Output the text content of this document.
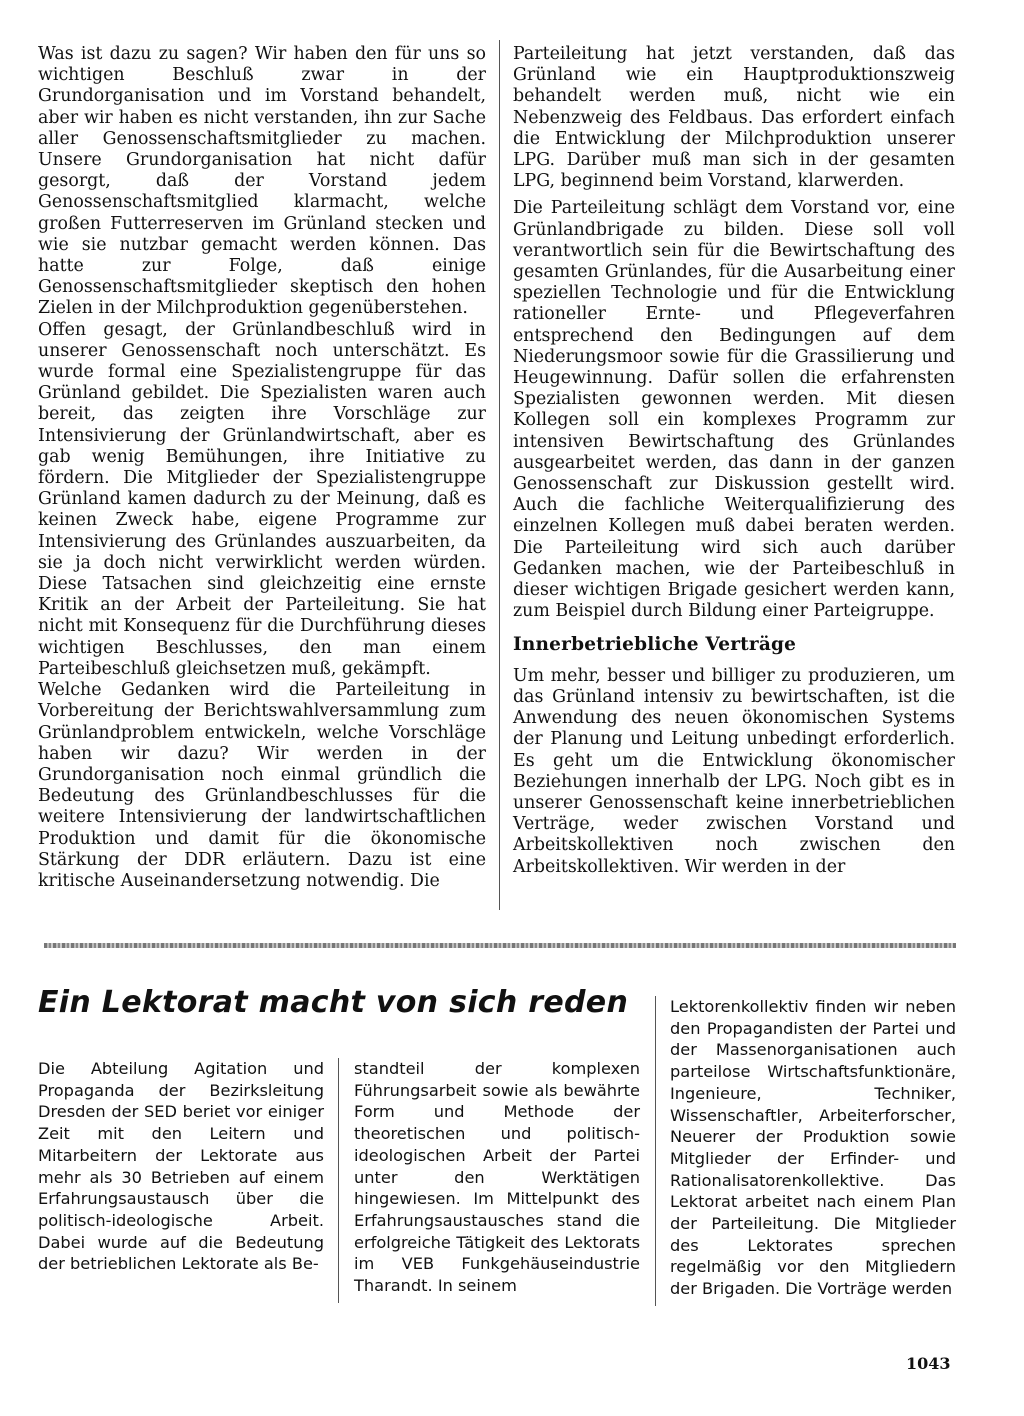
Was ist dazu zu sagen? Wir haben den für uns so wichtigen Beschluß zwar in der Grundorganisation und im Vorstand behandelt, aber wir haben es nicht verstanden, ihn zur Sache aller Genossenschaftsmitglieder zu machen. Unsere Grundorganisation hat nicht dafür gesorgt, daß der Vorstand jedem Genossenschaftsmitglied klarmacht, welche großen Futterreserven im Grünland stecken und wie sie nutzbar gemacht werden können. Das hatte zur Folge, daß einige Genossenschaftsmitglieder skeptisch den hohen Zielen in der Milchproduktion gegenüberstehen.

Offen gesagt, der Grünlandbeschluß wird in unserer Genossenschaft noch unterschätzt. Es wurde formal eine Spezialistengruppe für das Grünland gebildet. Die Spezialisten waren auch bereit, das zeigten ihre Vorschläge zur Intensivierung der Grünlandwirtschaft, aber es gab wenig Bemühungen, ihre Initiative zu fördern. Die Mitglieder der Spezialistengruppe Grünland kamen dadurch zu der Meinung, daß es keinen Zweck habe, eigene Programme zur Intensivierung des Grünlandes auszuarbeiten, da sie ja doch nicht verwirklicht werden würden. Diese Tatsachen sind gleichzeitig eine ernste Kritik an der Arbeit der Parteileitung. Sie hat nicht mit Konsequenz für die Durchführung dieses wichtigen Beschlusses, den man einem Parteibeschluß gleichsetzen muß, gekämpft.

Welche Gedanken wird die Parteileitung in Vorbereitung der Berichtswahlversammlung zum Grünlandproblem entwickeln, welche Vorschläge haben wir dazu? Wir werden in der Grundorganisation noch einmal gründlich die Bedeutung des Grünlandbeschlusses für die weitere Intensivierung der landwirtschaftlichen Produktion und damit für die ökonomische Stärkung der DDR erläutern. Dazu ist eine kritische Auseinandersetzung notwendig. Die

Parteileitung hat jetzt verstanden, daß das Grünland wie ein Hauptproduktionszweig behandelt werden muß, nicht wie ein Nebenzweig des Feldbaus. Das erfordert einfach die Entwicklung der Milchproduktion unserer LPG. Darüber muß man sich in der gesamten LPG, beginnend beim Vorstand, klarwerden.

Die Parteileitung schlägt dem Vorstand vor, eine Grünlandbrigade zu bilden. Diese soll voll verantwortlich sein für die Bewirtschaftung des gesamten Grünlandes, für die Ausarbeitung einer speziellen Technologie und für die Entwicklung rationeller Ernte- und Pflegeverfahren entsprechend den Bedingungen auf dem Niederungsmoor sowie für die Grassilierung und Heugewinnung. Dafür sollen die erfahrensten Spezialisten gewonnen werden. Mit diesen Kollegen soll ein komplexes Programm zur intensiven Bewirtschaftung des Grünlandes ausgearbeitet werden, das dann in der ganzen Genossenschaft zur Diskussion gestellt wird. Auch die fachliche Weiterqualifizierung des einzelnen Kollegen muß dabei beraten werden. Die Parteileitung wird sich auch darüber Gedanken machen, wie der Parteibeschluß in dieser wichtigen Brigade gesichert werden kann, zum Beispiel durch Bildung einer Parteigruppe.

Innerbetriebliche Verträge

Um mehr, besser und billiger zu produzieren, um das Grünland intensiv zu bewirtschaften, ist die Anwendung des neuen ökonomischen Systems der Planung und Leitung unbedingt erforderlich. Es geht um die Entwicklung ökonomischer Beziehungen innerhalb der LPG. Noch gibt es in unserer Genossenschaft keine innerbetrieblichen Verträge, weder zwischen Vorstand und Arbeitskollektiven noch zwischen den Arbeitskollektiven. Wir werden in der

Ein Lektorat macht von sich reden

Die Abteilung Agitation und Propaganda der Bezirksleitung Dresden der SED beriet vor einiger Zeit mit den Leitern und Mitarbeitern der Lektorate aus mehr als 30 Betrieben auf einem Erfahrungsaustausch über die politisch-ideologische Arbeit. Dabei wurde auf die Bedeutung der betrieblichen Lektorate als Be-

standteil der komplexen Führungsarbeit sowie als bewährte Form und Methode der theoretischen und politisch-ideologischen Arbeit der Partei unter den Werktätigen hingewiesen. Im Mittelpunkt des Erfahrungsaustausches stand die erfolgreiche Tätigkeit des Lektorats im VEB Funkgehäuseindustrie Tharandt. In seinem

Lektorenkollektiv finden wir neben den Propagandisten der Partei und der Massenorganisationen auch parteilose Wirtschaftsfunktionäre, Ingenieure, Techniker, Wissenschaftler, Arbeiterforscher, Neuerer der Produktion sowie Mitglieder der Erfinder- und Rationalisatorenkollektive. Das Lektorat arbeitet nach einem Plan der Parteileitung. Die Mitglieder des Lektorates sprechen regelmäßig vor den Mitgliedern der Brigaden. Die Vorträge werden

1043
